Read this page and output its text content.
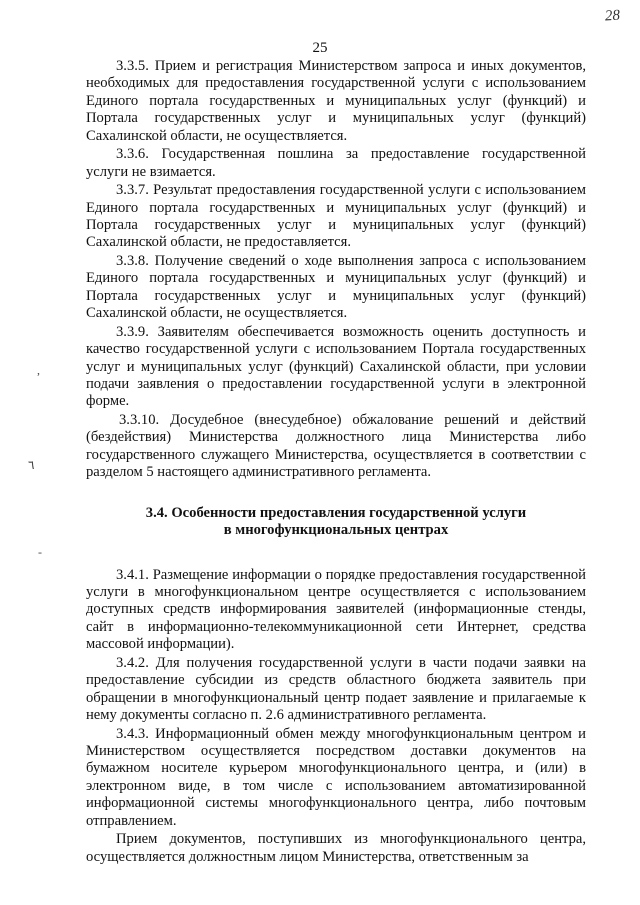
28
25
,
٦
-

3.3.5. Прием и регистрация Министерством запроса и иных документов, необходимых для предоставления государственной услуги с использованием Единого портала государственных и муниципальных услуг (функций) и Портала государственных услуг и муниципальных услуг (функций) Сахалинской области, не осуществляется.

3.3.6. Государственная пошлина за предоставление государственной услуги не взимается.

3.3.7. Результат предоставления государственной услуги с использованием Единого портала государственных и муниципальных услуг (функций) и Портала государственных услуг и муниципальных услуг (функций) Сахалинской области, не предоставляется.

3.3.8. Получение сведений о ходе выполнения запроса с использованием Единого портала государственных и муниципальных услуг (функций) и Портала государственных услуг и муниципальных услуг (функций) Сахалинской области, не осуществляется.

3.3.9. Заявителям обеспечивается возможность оценить доступность и качество государственной услуги с использованием Портала государственных услуг и муниципальных услуг (функций) Сахалинской области, при условии подачи заявления о предоставлении государственной услуги в электронной форме.

3.3.10. Досудебное (внесудебное) обжалование решений и действий (бездействия) Министерства должностного лица Министерства либо государственного служащего Министерства, осуществляется в соответствии с разделом 5 настоящего административного регламента.

3.4. Особенности предоставления государственной услуги
в многофункциональных центрах

3.4.1. Размещение информации о порядке предоставления государственной услуги в многофункциональном центре осуществляется с использованием доступных средств информирования заявителей (информационные стенды, сайт в информационно-телекоммуникационной сети Интернет, средства массовой информации).

3.4.2. Для получения государственной услуги в части подачи заявки на предоставление субсидии из средств областного бюджета заявитель при обращении в многофункциональный центр подает заявление и прилагаемые к нему документы согласно п. 2.6 административного регламента.

3.4.3. Информационный обмен между многофункциональным центром и Министерством осуществляется посредством доставки документов на бумажном носителе курьером многофункционального центра, и (или) в электронном виде, в том числе с использованием автоматизированной информационной системы многофункционального центра, либо почтовым отправлением.

Прием документов, поступивших из многофункционального центра, осуществляется должностным лицом Министерства, ответственным за
